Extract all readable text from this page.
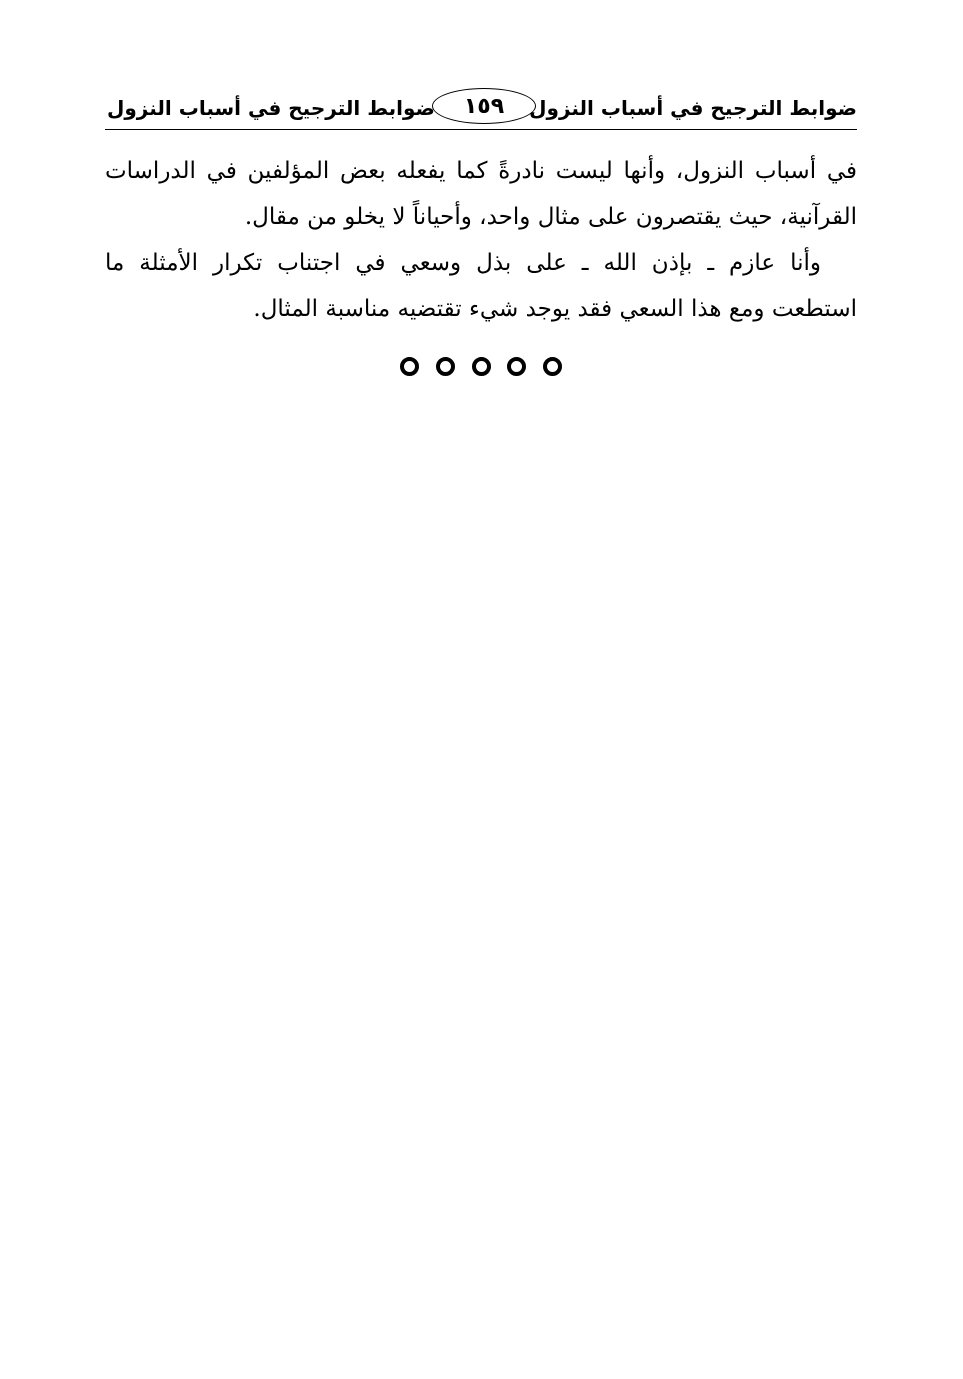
ضوابط الترجيح في أسباب النزول
١٥٩
ضوابط الترجيح في أسباب النزول
في أسباب النزول، وأنها ليست نادرةً كما يفعله بعض المؤلفين في الدراسات
القرآنية، حيث يقتصرون على مثال واحد، وأحياناً لا يخلو من مقال.
وأنا عازم ـ بإذن الله ـ على بذل وسعي في اجتناب تكرار الأمثلة ما
استطعت ومع هذا السعي فقد يوجد شيء تقتضيه مناسبة المثال.
